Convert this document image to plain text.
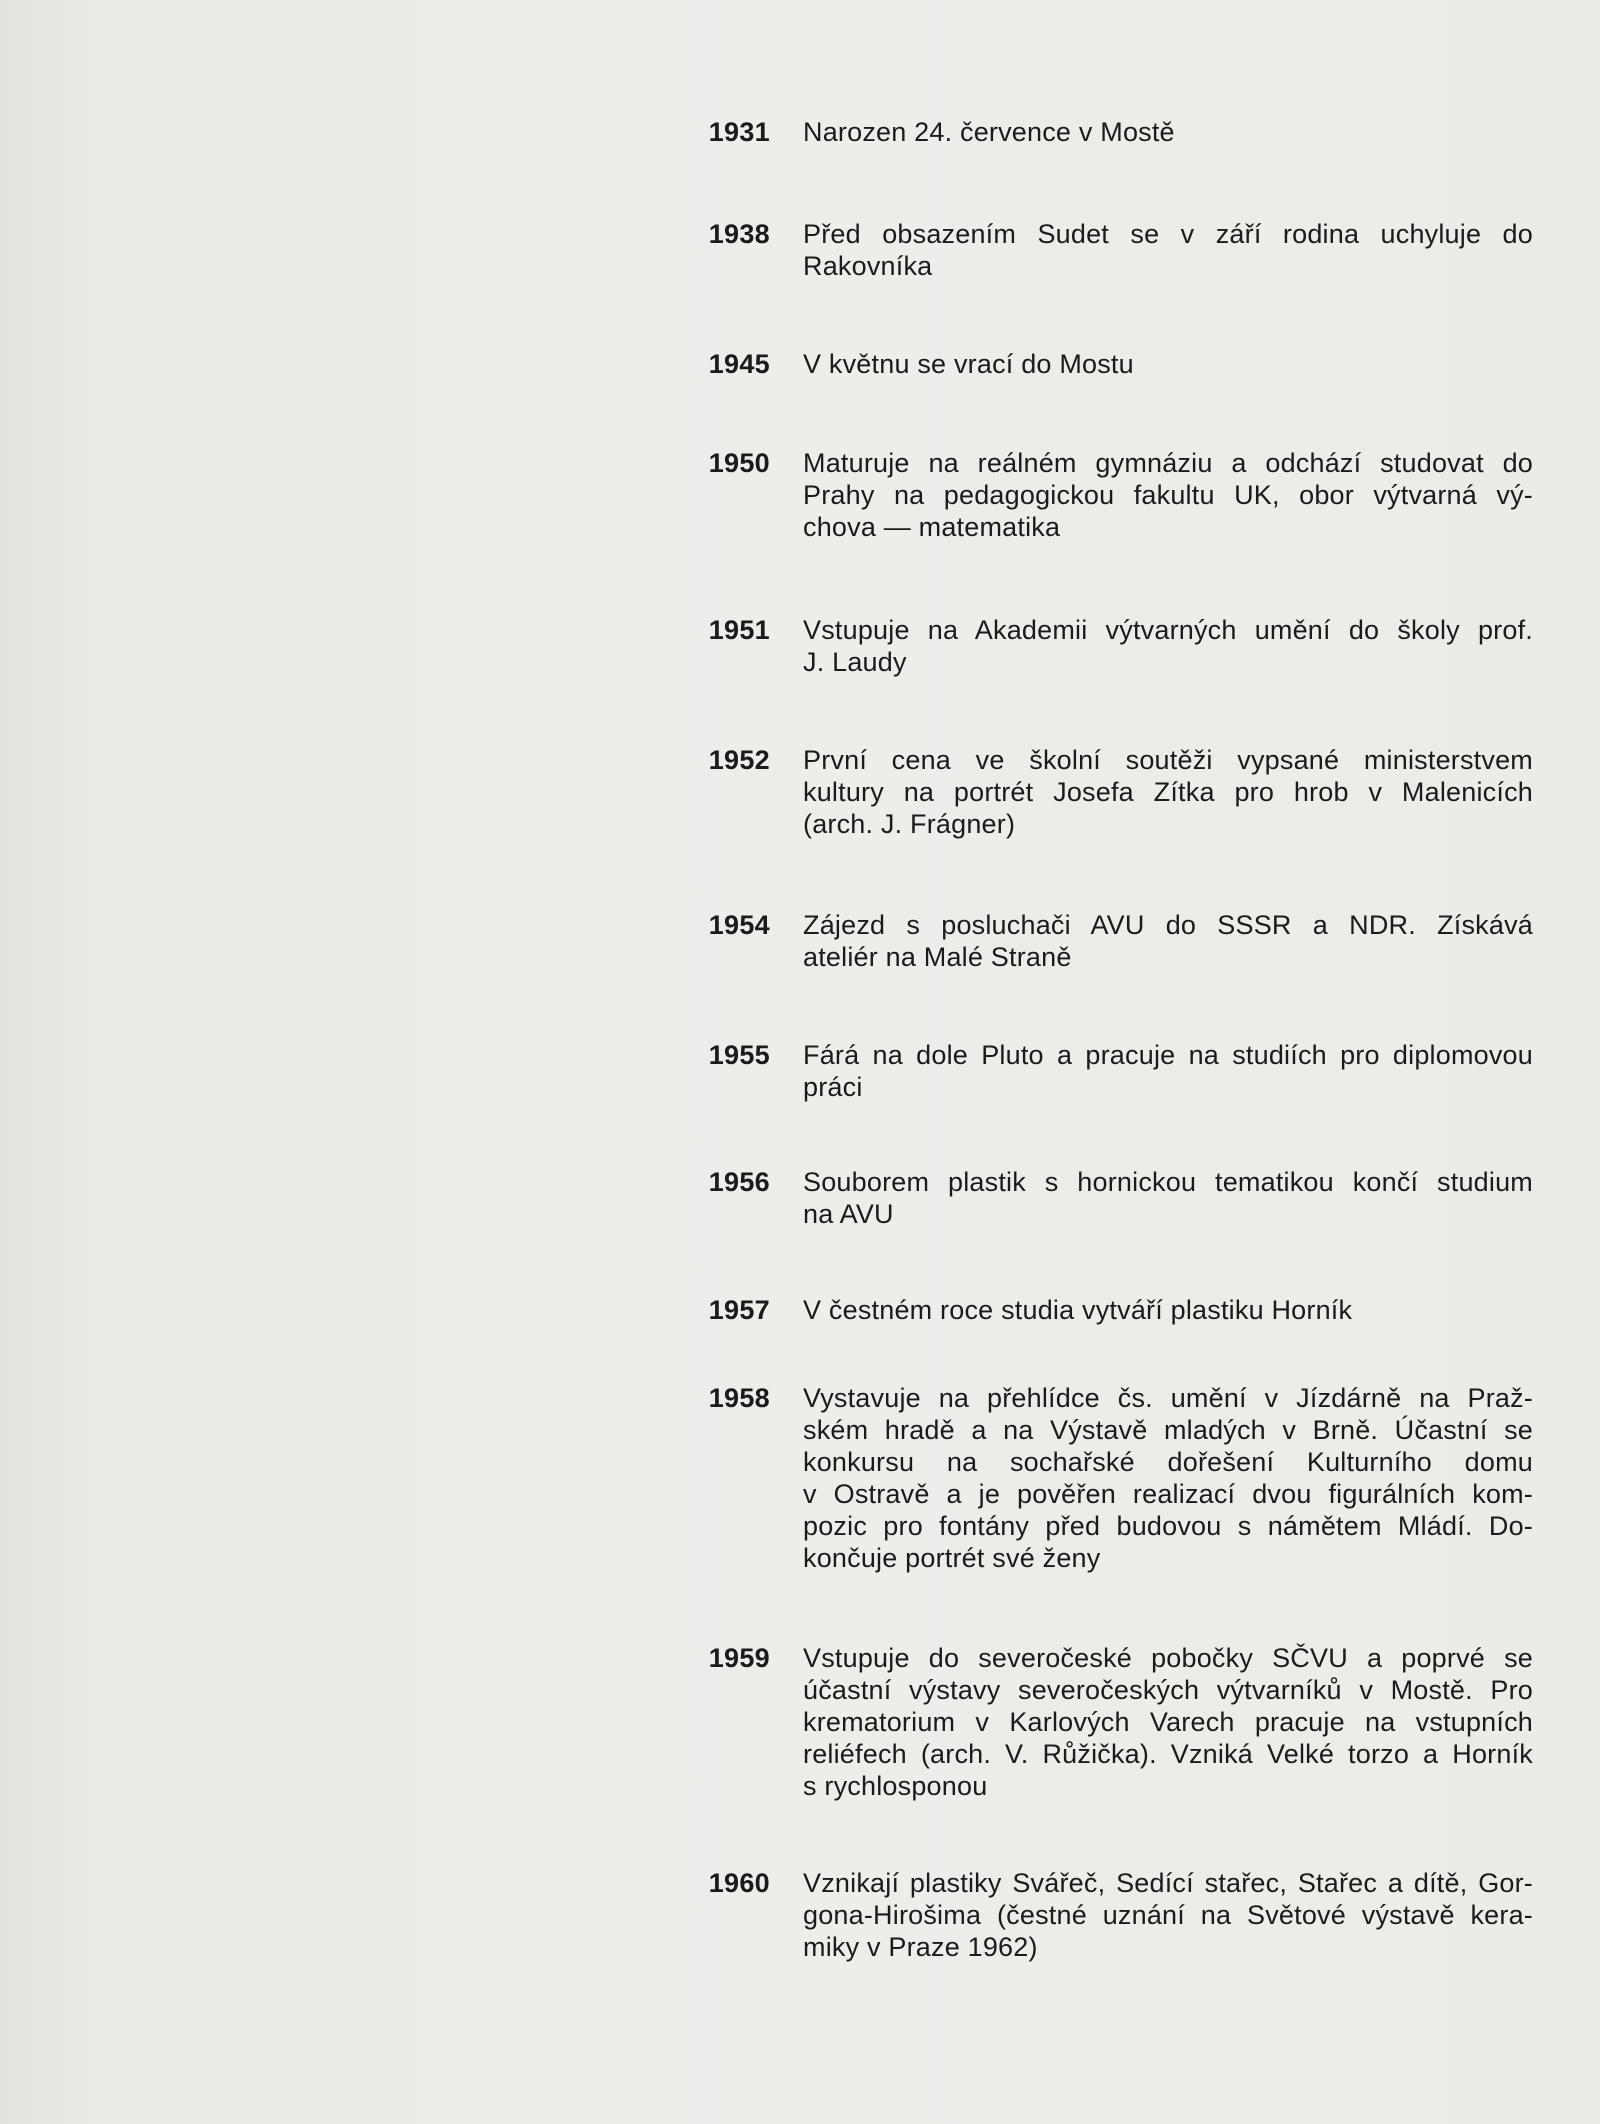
1931 Narozen 24. července v Mostě
1938 Před obsazením Sudet se v září rodina uchyluje do
Rakovníka
1945 V květnu se vrací do Mostu
1950 Maturuje na reálném gymnáziu a odchází studovat do
Prahy na pedagogickou fakultu UK, obor výtvarná vý-
chova — matematika
1951 Vstupuje na Akademii výtvarných umění do školy prof.
J. Laudy
1952 První cena ve školní soutěži vypsané ministerstvem
kultury na portrét Josefa Zítka pro hrob v Malenicích
(arch. J. Frágner)
1954 Zájezd s posluchači AVU do SSSR a NDR. Získává
ateliér na Malé Straně
1955 Fárá na dole Pluto a pracuje na studiích pro diplomovou
práci
1956 Souborem plastik s hornickou tematikou končí studium
na AVU
1957 V čestném roce studia vytváří plastiku Horník
1958 Vystavuje na přehlídce čs. umění v Jízdárně na Praž-
ském hradě a na Výstavě mladých v Brně. Účastní se
konkursu na sochařské dořešení Kulturního domu
v Ostravě a je pověřen realizací dvou figurálních kom-
pozic pro fontány před budovou s námětem Mládí. Do-
končuje portrét své ženy
1959 Vstupuje do severočeské pobočky SČVU a poprvé se
účastní výstavy severočeských výtvarníků v Mostě. Pro
krematorium v Karlových Varech pracuje na vstupních
reliéfech (arch. V. Růžička). Vzniká Velké torzo a Horník
s rychlosponou
1960 Vznikají plastiky Svářeč, Sedící stařec, Stařec a dítě, Gor-
gona-Hirošima (čestné uznání na Světové výstavě kera-
miky v Praze 1962)
